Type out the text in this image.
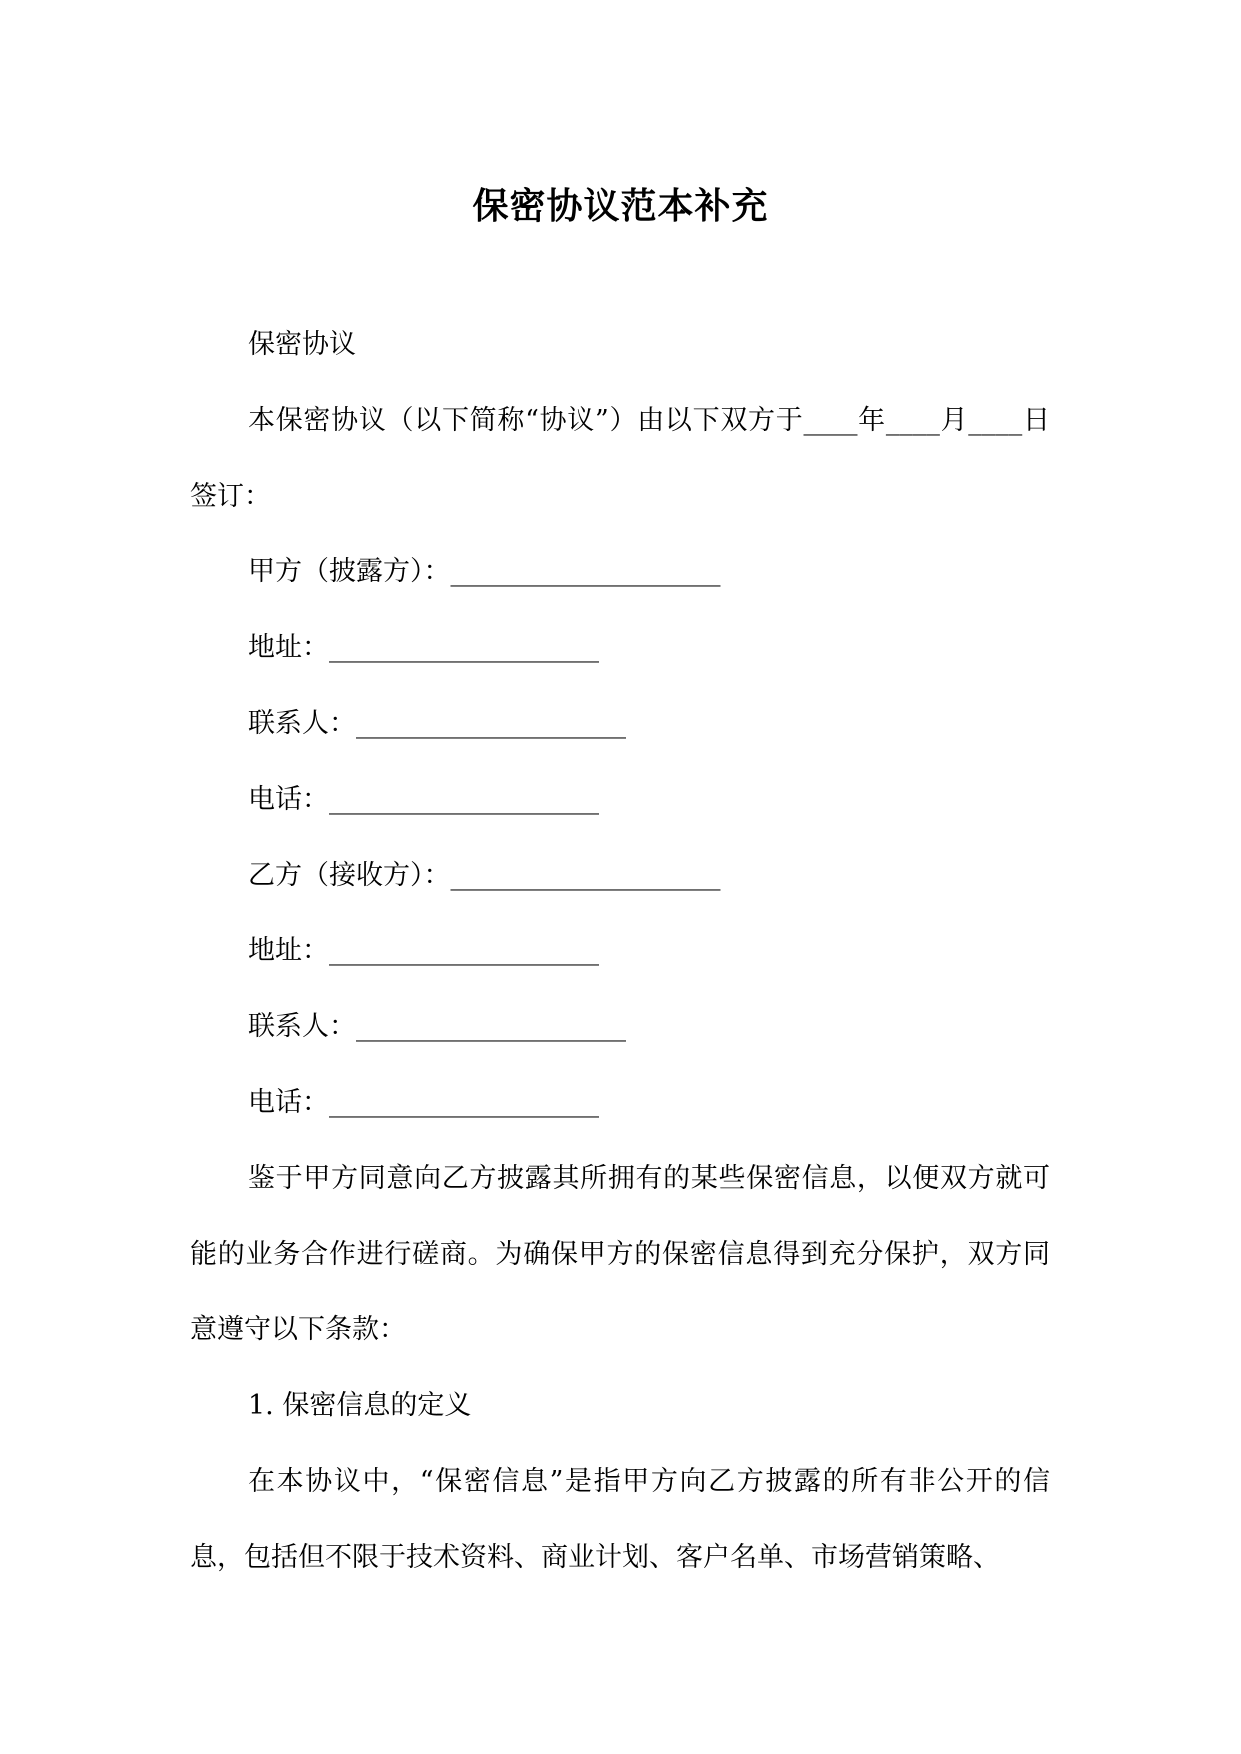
保密协议范本补充

保密协议

本保密协议（以下简称“协议”）由以下双方于____年____月____日签订：

甲方（披露方）：____________________

地址：____________________

联系人：____________________

电话：____________________

乙方（接收方）：____________________

地址：____________________

联系人：____________________

电话：____________________

鉴于甲方同意向乙方披露其所拥有的某些保密信息，以便双方就可能的业务合作进行磋商。为确保甲方的保密信息得到充分保护，双方同意遵守以下条款：

1. 保密信息的定义

在本协议中，“保密信息”是指甲方向乙方披露的所有非公开的信息，包括但不限于技术资料、商业计划、客户名单、市场营销策略、
